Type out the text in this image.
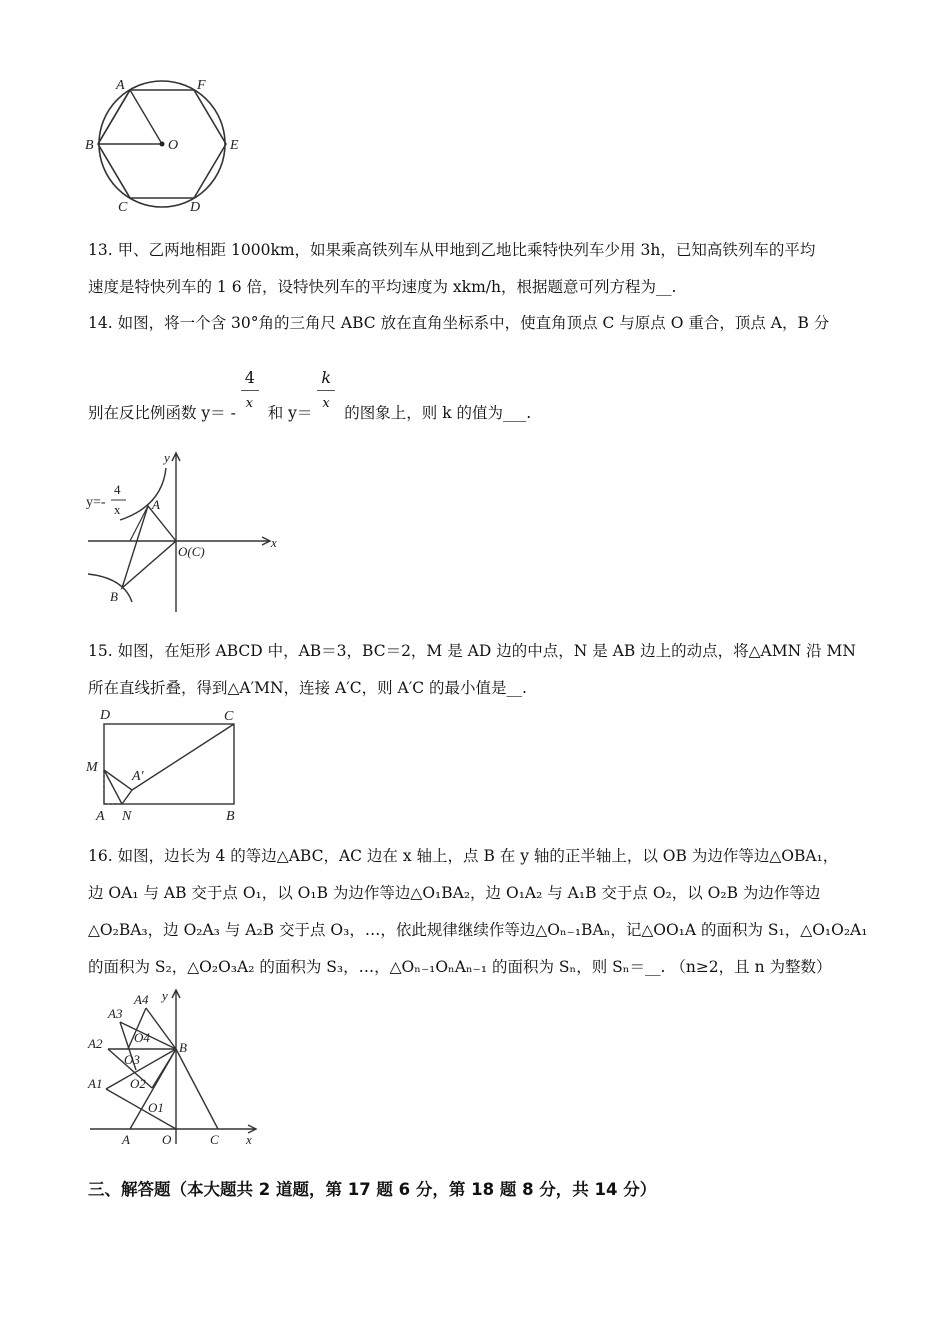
A	F
B	O	E
C	D
13. 甲、乙两地相距 1000km，如果乘高铁列车从甲地到乙地比乘特快列车少用 3h，已知高铁列车的平均
速度是特快列车的 1 6 倍，设特快列车的平均速度为 xkm/h，根据题意可列方程为__.
14. 如图，将一个含 30°角的三角尺 ABC 放在直角坐标系中，使直角顶点 C 与原点 O 重合，顶点 A，B 分
别在反比例函数 $y= - \frac{4}{x}$ 和 $y= \frac{k}{x}$ 的图象上，则 k 的值为___.
y=-
4
x
y
A
O(C)
x
B
15. 如图，在矩形 ABCD 中，AB＝3，BC＝2，M 是 AD 边的中点，N 是 AB 边上的动点，将△AMN 沿 MN
所在直线折叠，得到△A′MN，连接 A′C，则 A′C 的最小值是__.
D	C
M
A′
A N	B
16. 如图，边长为 4 的等边△ABC，AC 边在 x 轴上，点 B 在 y 轴的正半轴上，以 OB 为边作等边△OBA₁，
边 OA₁ 与 AB 交于点 O₁，以 O₁B 为边作等边△O₁BA₂，边 O₁A₂ 与 A₁B 交于点 O₂，以 O₂B 为边作等边
△O₂BA₃，边 O₂A₃ 与 A₂B 交于点 O₃，…，依此规律继续作等边△Oₙ₋₁BAₙ，记△OO₁A 的面积为 S₁，△O₁O₂A₁
的面积为 S₂，△O₂O₃A₂ 的面积为 S₃，…，△Oₙ₋₁OₙAₙ₋₁ 的面积为 Sₙ，则 Sₙ＝__. （n≥2，且 n 为整数）
A4 y
A3
O4
A2	B
O3
A1 O2
O1
A O	C x
三、解答题（本大题共 2 道题，第 17 题 6 分，第 18 题 8 分，共 14 分）
